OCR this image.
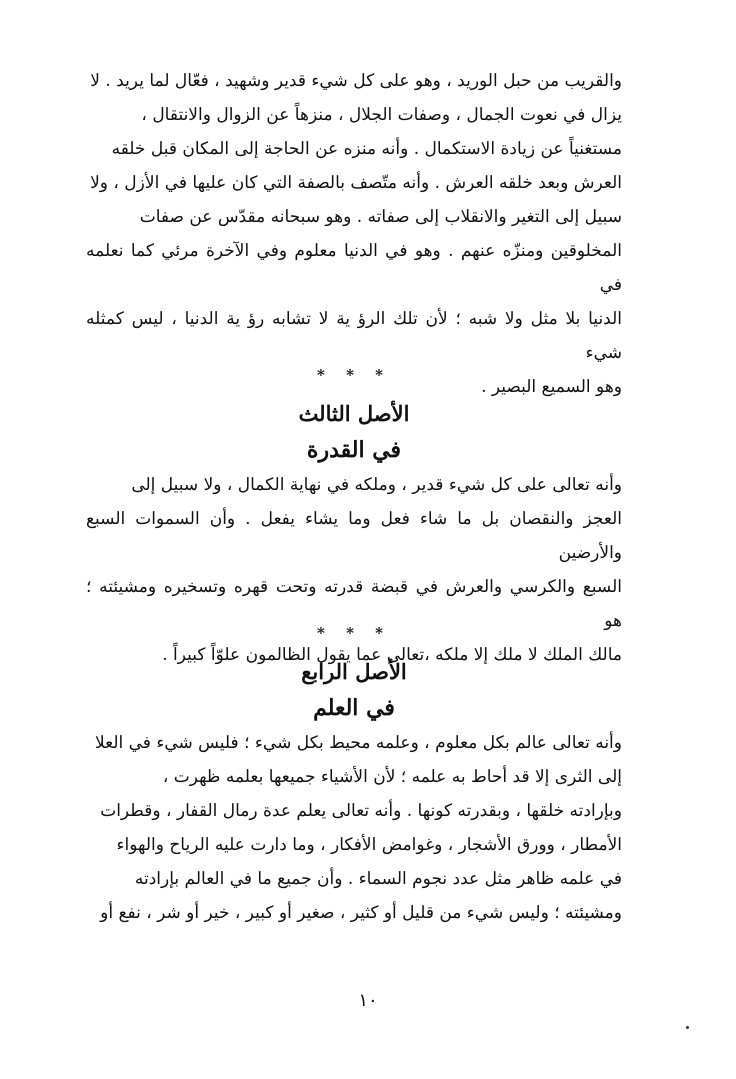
والقريب من حبل الوريد ، وهو على كل شيء قدير وشهيد ، فعّال لما يريد . لا

يزال في نعوت الجمال ، وصفات الجلال ، منزهاً عن الزوال والانتقال ،

مستغنياً عن زيادة الاستكمال . وأنه منزه عن الحاجة إلى المكان قبل خلقه

العرش وبعد خلقه العرش . وأنه متّصف بالصفة التي كان عليها في الأزل ، ولا

سبيل إلى التغير والانقلاب إلى صفاته . وهو سبحانه مقدّس عن صفات

المخلوقين ومنزّه عنهم . وهو في الدنيا معلوم وفي الآخرة مرئي كما نعلمه في

الدنيا بلا مثل ولا شبه ؛ لأن تلك الرؤ ية لا تشابه رؤ ية الدنيا ، ليس كمثله شيء

وهو السميع البصير .

* * *

الأصل الثالث
في القدرة

وأنه تعالى على كل شيء قدير ، وملكه في نهاية الكمال ، ولا سبيل إلى

العجز والنقصان بل ما شاء فعل وما يشاء يفعل . وأن السموات السبع والأرضين

السبع والكرسي والعرش في قبضة قدرته وتحت قهره وتسخيره ومشيئته ؛ هو

مالك الملك لا ملك إلا ملكه ،تعالى عما يقول الظالمون علوّاً كبيراً .

* * *

الأصل الرابع
في العلم

وأنه تعالى عالم بكل معلوم ، وعلمه محيط بكل شيء ؛ فليس شيء في العلا

إلى الثرى إلا قد أحاط به علمه ؛ لأن الأشياء جميعها بعلمه ظهرت ،

وبإرادته خلقها ، وبقدرته كونها . وأنه تعالى يعلم عدة رمال القفار ، وقطرات

الأمطار ، وورق الأشجار ، وغوامض الأفكار ، وما دارت عليه الرياح والهواء

في علمه ظاهر مثل عدد نجوم السماء . وأن جميع ما في العالم بإرادته

ومشيئته ؛ وليس شيء من قليل أو كثير ، صغير أو كبير ، خير أو شر ، نفع أو

١٠
